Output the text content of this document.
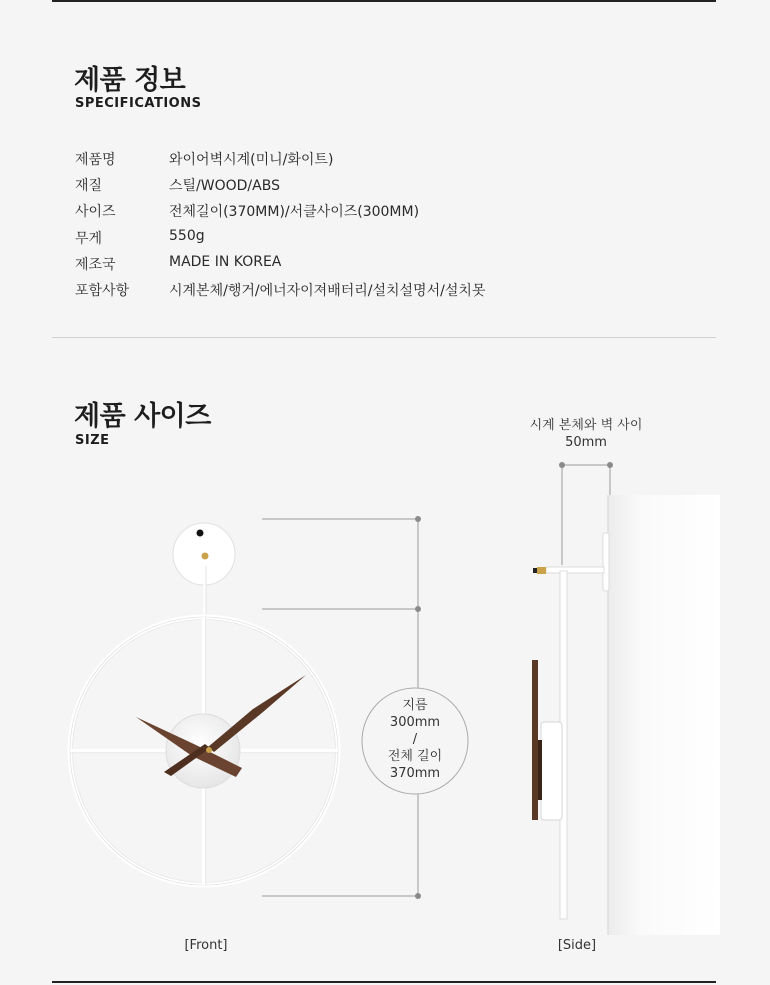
제품 정보
SPECIFICATIONS
제품명	와이어벽시계(미니/화이트)
재질	스틸/WOOD/ABS
사이즈	전체길이(370MM)/서클사이즈(300MM)
무게	550g
제조국	MADE IN KOREA
포함사항	시계본체/행거/에너자이져배터리/설치설명서/설치못
제품 사이즈
SIZE
지름
300mm
/
전체 길이
370mm
시계 본체와 벽 사이
50mm
[Front]	[Side]
